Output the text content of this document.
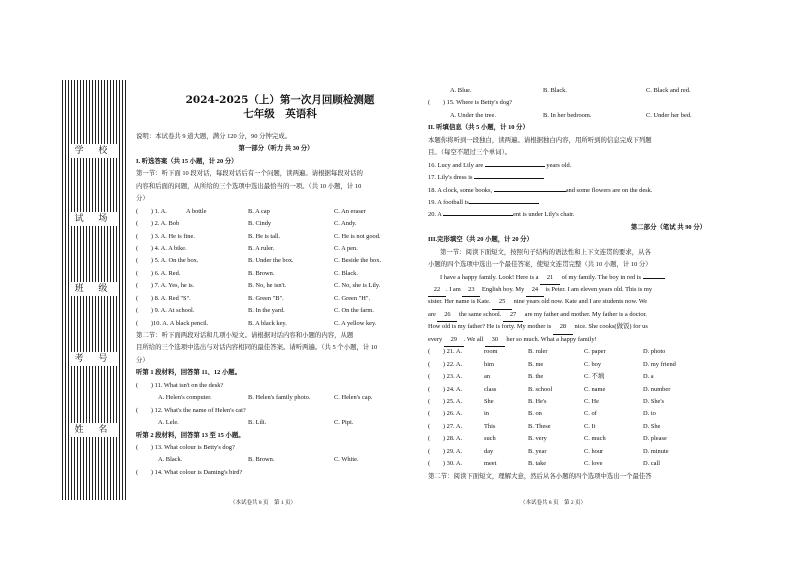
学 校
试 场
班 级
考 号
姓 名
2024-2025（上）第一次月回顾检测题
七年级　英语科
说明：本试卷共 9 道大题，满分 120 分，90 分钟完成。
第一部分（听力 共 30 分）
I. 听选答案（共 15 小题，计 20 分）
第一节：听下面 10 段对话，每段对话后有一个问题，读两遍。请根据每段对话的
内容和后面的问题，从所给的三个选项中选出最恰当的一项。（共 10 小题，计 10
分）
(　　) 1. A.	A bottle	B. A cap	C. An eraser
(　　) 2. A. Bob	B. Cindy	C. Andy.
(　　) 3. A. He is fine.	B. He is tall.	C. He is not good.
(　　) 4. A. A bike.	B. A ruler.	C. A pen.
(　　) 5. A. On the box.	B. Under the box.	C. Beside the box.
(　　) 6. A. Red.	B. Brown.	C. Black.
(　　) 7. A. Yes, he is.	B. No, he isn't.	C. No, she is Lily.
(　　) 8. A. Red "S".	B. Green "B".	C. Green "H".
(　　) 9. A. At school.	B. In the yard.	C. On the farm.
(　　)10. A. A black pencil.	B. A black key.	C. A yellow key.
第二节：听下面两段对话和几项小短文。请根据对话内容和小题的内容，从题
目所给的三个选项中选出与对话内容相同的最佳答案。请听两遍。（共 5 个小题，计 10
分）
听第 1 段材料，回答第 11、12 小题。
(　　) 11. What isn't on the desk?
A. Helen's computer.	B. Helen's family photo.	C. Helen's cap.
(　　) 12. What's the name of Helen's cat?
A. Lele.	B. Lili.	C. Pipi.
听第 2 段材料，回答第 13 至 15 小题。
(　　) 13. What colour is Betty's dog?
A. Black.	B. Brown.	C. White.
(　　) 14. What colour is Daming's bird?
（本试卷共 8 页　第 1 页）
A. Blue.	B. Black.	C. Black and red.
(　　) 15. Where is Betty's dog?
A. Under the tree.	B. In her bedroom.	C. Under her bed.
II. 听填信息（共 5 小题，计 10 分）
本题你将听到一段独白，读两遍。请根据独白内容，用所听到的信息完成下列题
目。（每空不超过三个单词）。
16. Lucy and Lily are	years old.
17. Lily's dress is
18. A clock, some books,	and some flowers are on the desk.
19. A football is
20. A	ent is under Lily's chair.
第二部分（笔试 共 90 分）
III.完形填空（共 20 小题，计 20 分）
第一节：阅读下面短文，按照句子结构的语法性和上下文连贯的要求，从各
小题的四个选项中选出一个最佳答案，使短文连贯完整（共 10 小题，计 10 分）
I have a happy family. Look! Here is a 21 of my family. The boy in red is
22 . I am 23 English boy. My 24 is Peter. I am eleven years old. This is my
sister. Her name is Kate. 25 nine years old now. Kate and I are students now. We
are 26 the same school. 27 are my father and mother. My father is a doctor.
How old is my father? He is forty. My mother is 28 nice. She cooks(做饭) for us
every 29 . We all 30 her so much. What a happy family!
(　　) 21. A.	room	B. ruler	C. paper	D. photo
(　　) 22. A.	him	B. me	C. boy	D. my friend
(　　) 23. A.	an	B. the	C. 不填	D. a
(　　) 24. A.	class	B. school	C. name	D. number
(　　) 25. A.	She	B. He's	C. He	D. She's
(　　) 26. A.	in	B. on	C. of	D. to
(　　) 27. A.	This	B. These	C. It	D. She
(　　) 28. A.	such	B. very	C. much	D. please
(　　) 29. A.	day	B. year	C. hour	D. minute
(　　) 30. A.	meet	B. take	C. love	D. call
第二节：阅读下面短文，理解大意，然后从各小题的四个选项中选出一个最佳答
（本试卷共 8 页　第 2 页）
